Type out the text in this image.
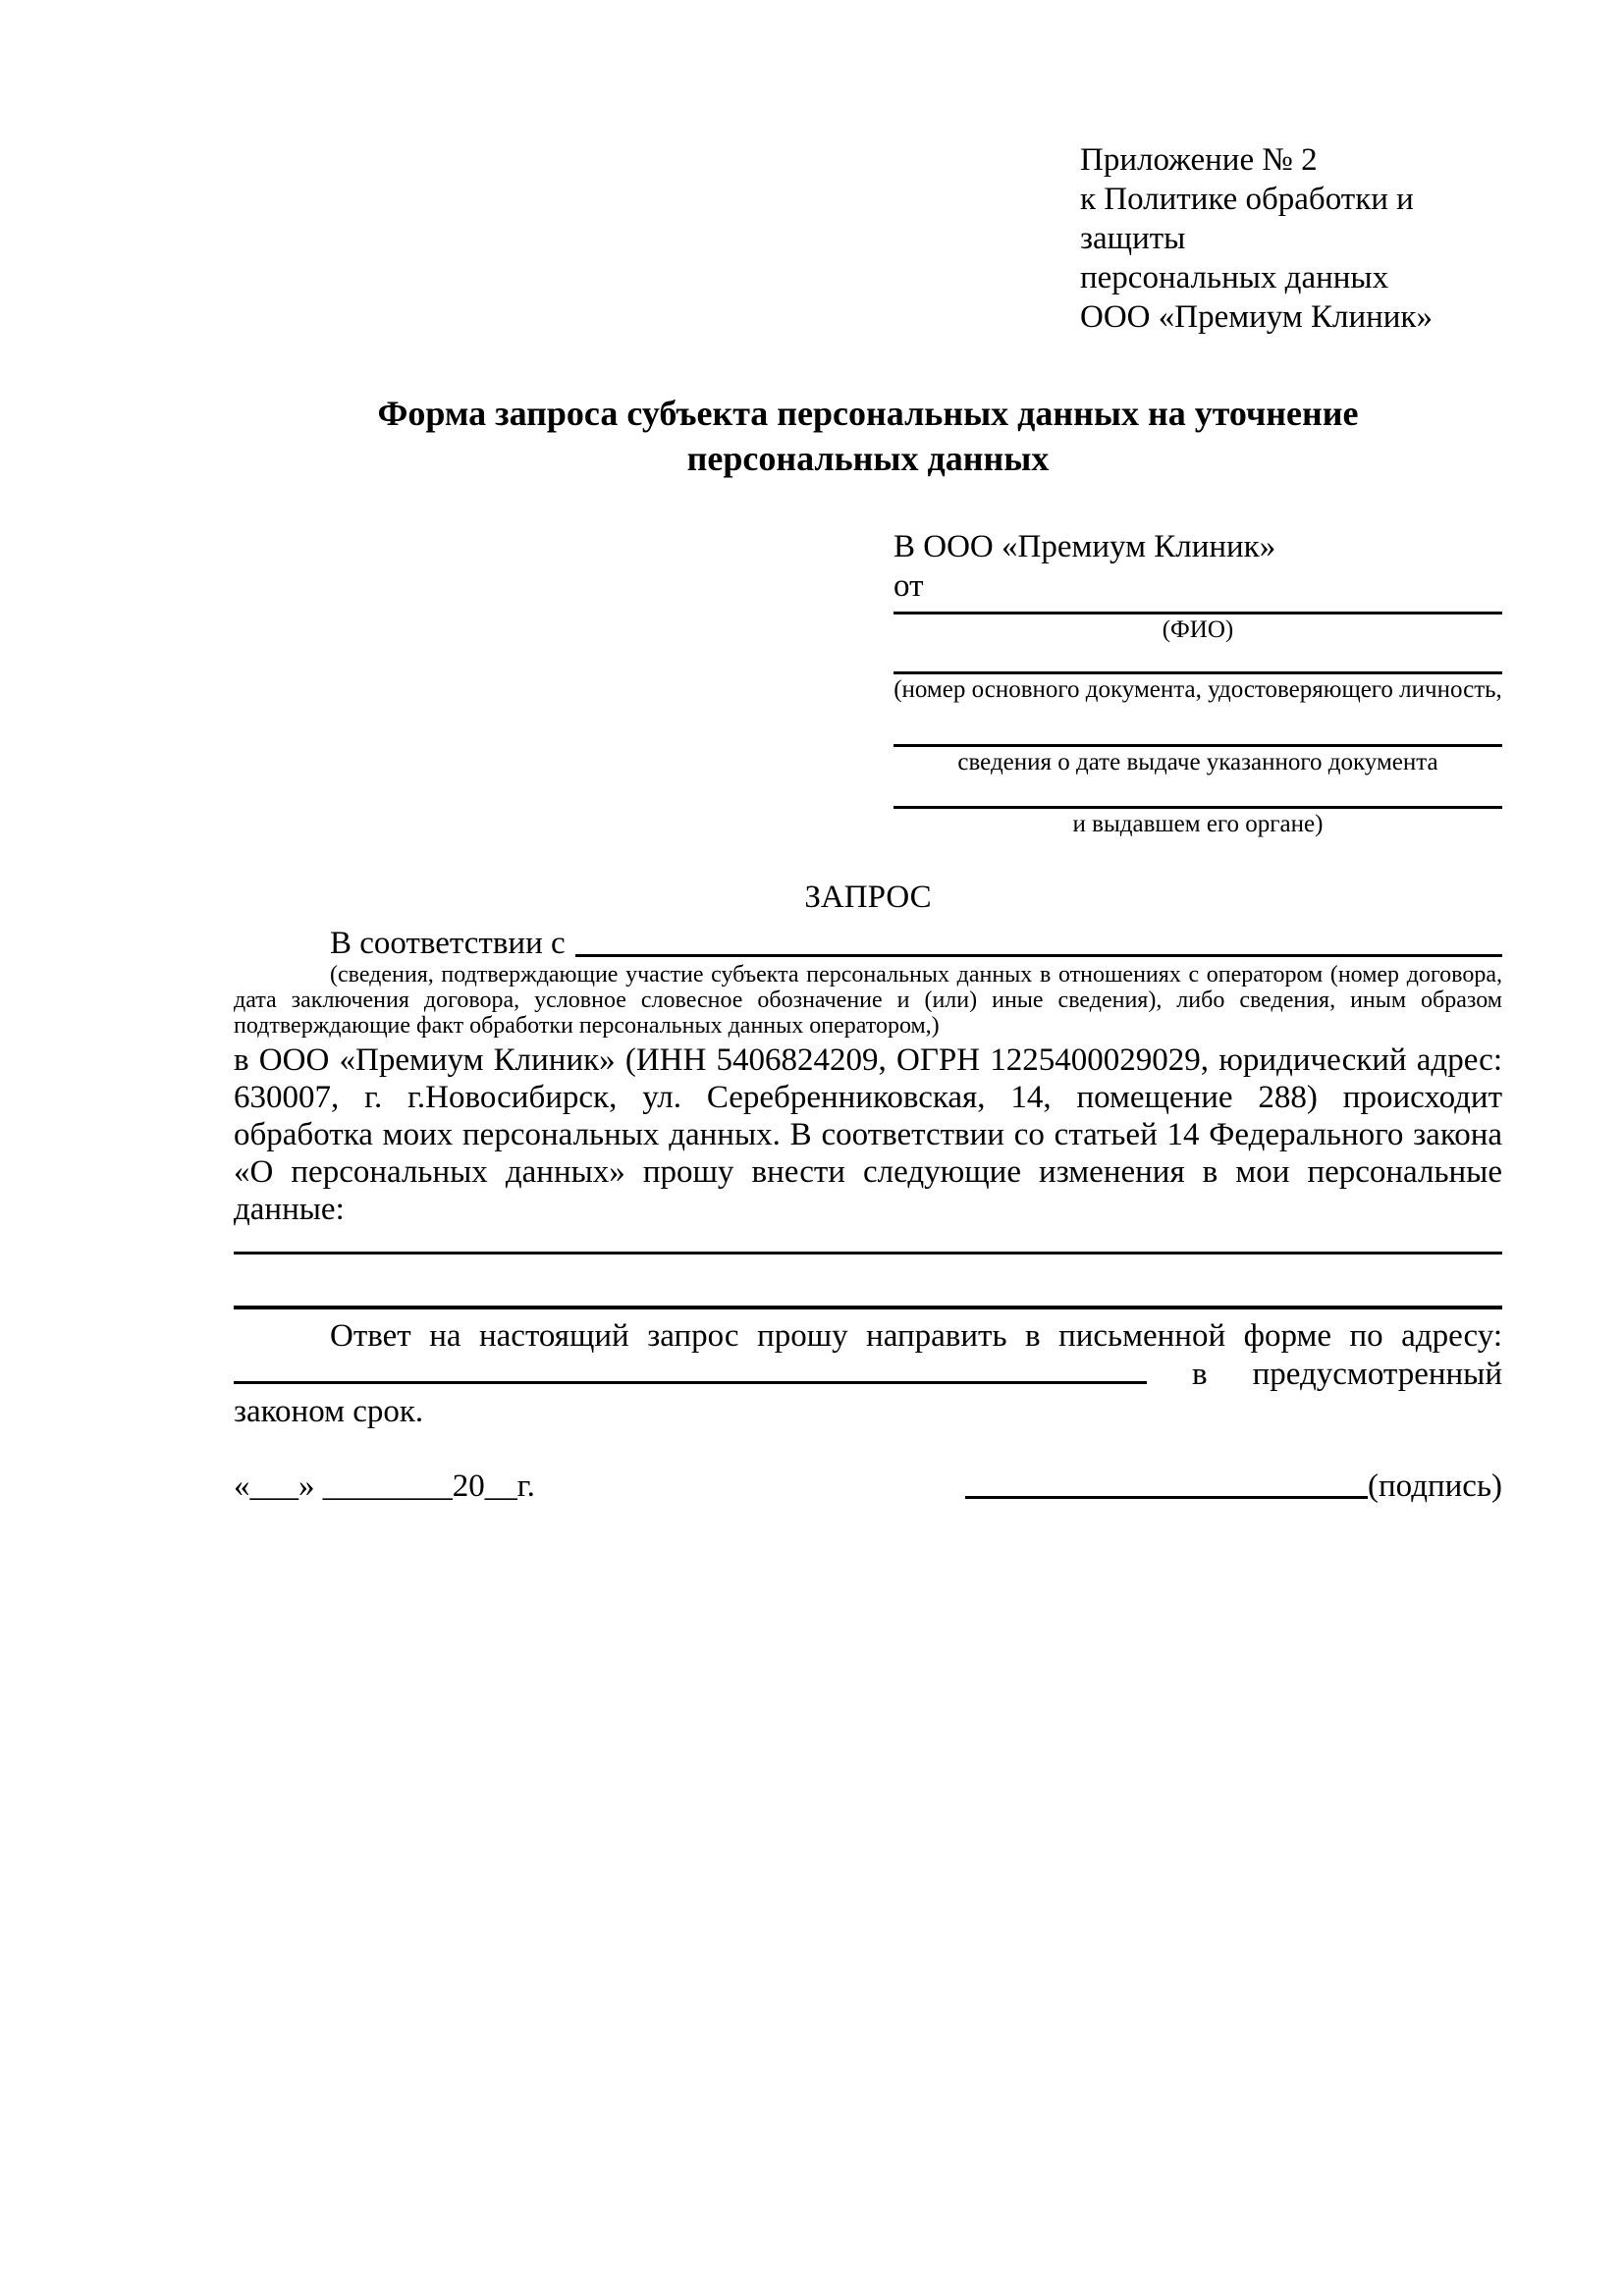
Приложение № 2
к Политике обработки и защиты
персональных данных
ООО «Премиум Клиник»
Форма запроса субъекта персональных данных на уточнение персональных данных
В ООО «Премиум Клиник»
от
(ФИО)
(номер основного документа, удостоверяющего личность,
сведения о дате выдаче указанного документа
и выдавшем его органе)
ЗАПРОС
В соответствии с
(сведения, подтверждающие участие субъекта персональных данных в отношениях с оператором (номер договора, дата заключения договора, условное словесное обозначение и (или) иные сведения), либо сведения, иным образом подтверждающие факт обработки персональных данных оператором,)
в ООО «Премиум Клиник» (ИНН 5406824209, ОГРН 1225400029029, юридический адрес: 630007, г. г.Новосибирск, ул. Серебренниковская, 14, помещение 288) происходит обработка моих персональных данных. В соответствии со статьей 14 Федерального закона «О персональных данных» прошу внести следующие изменения в мои персональные данные:
Ответ на настоящий запрос прошу направить в письменной форме по адресу:  в предусмотренный законом срок.
«___» ________20__г.	(подпись)
